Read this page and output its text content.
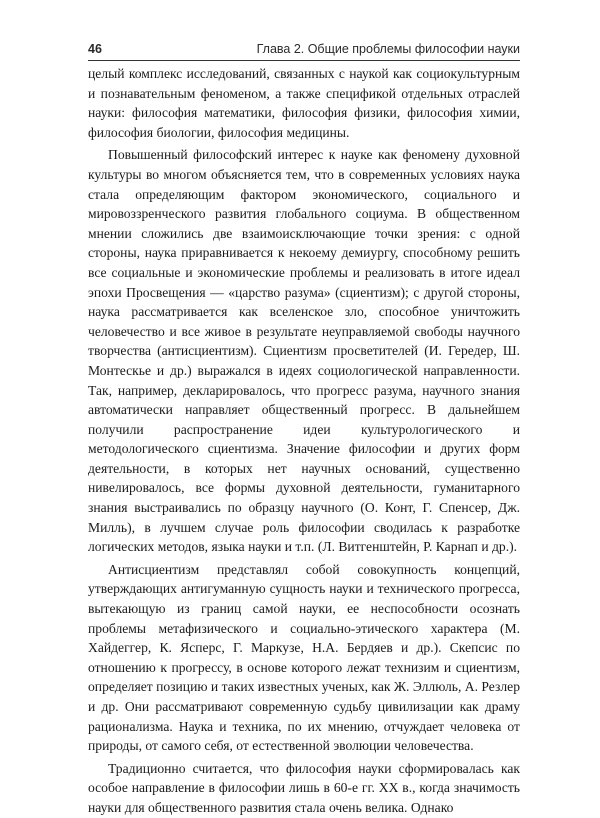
46	Глава 2. Общие проблемы философии науки

целый комплекс исследований, связанных с наукой как социокультурным и познавательным феноменом, а также спецификой отдельных отраслей науки: философия математики, философия физики, философия химии, философия биологии, философия медицины.

Повышенный философский интерес к науке как феномену духовной культуры во многом объясняется тем, что в современных условиях наука стала определяющим фактором экономического, социального и мировоззренческого развития глобального социума. В общественном мнении сложились две взаимоисключающие точки зрения: с одной стороны, наука приравнивается к некоему демиургу, способному решить все социальные и экономические проблемы и реализовать в итоге идеал эпохи Просвещения — «царство разума» (сциентизм); с другой стороны, наука рассматривается как вселенское зло, способное уничтожить человечество и все живое в результате неуправляемой свободы научного творчества (антисциентизм). Сциентизм просветителей (И. Гередер, Ш. Монтескье и др.) выражался в идеях социологической направленности. Так, например, декларировалось, что прогресс разума, научного знания автоматически направляет общественный прогресс. В дальнейшем получили распространение идеи культурологического и методологического сциентизма. Значение философии и других форм деятельности, в которых нет научных оснований, существенно нивелировалось, все формы духовной деятельности, гуманитарного знания выстраивались по образцу научного (О. Конт, Г. Спенсер, Дж. Милль), в лучшем случае роль философии сводилась к разработке логических методов, языка науки и т.п. (Л. Витгенштейн, Р. Карнап и др.).

Антисциентизм представлял собой совокупность концепций, утверждающих антигуманную сущность науки и технического прогресса, вытекающую из границ самой науки, ее неспособности осознать проблемы метафизического и социально-этического характера (М. Хайдеггер, К. Ясперс, Г. Маркузе, Н.А. Бердяев и др.). Скепсис по отношению к прогрессу, в основе которого лежат технизим и сциентизм, определяет позицию и таких известных ученых, как Ж. Эллюль, А. Резлер и др. Они рассматривают современную судьбу цивилизации как драму рационализма. Наука и техника, по их мнению, отчуждает человека от природы, от самого себя, от естественной эволюции человечества.

Традиционно считается, что философия науки сформировалась как особое направление в философии лишь в 60-е гг. XX в., когда значимость науки для общественного развития стала очень велика. Однако
